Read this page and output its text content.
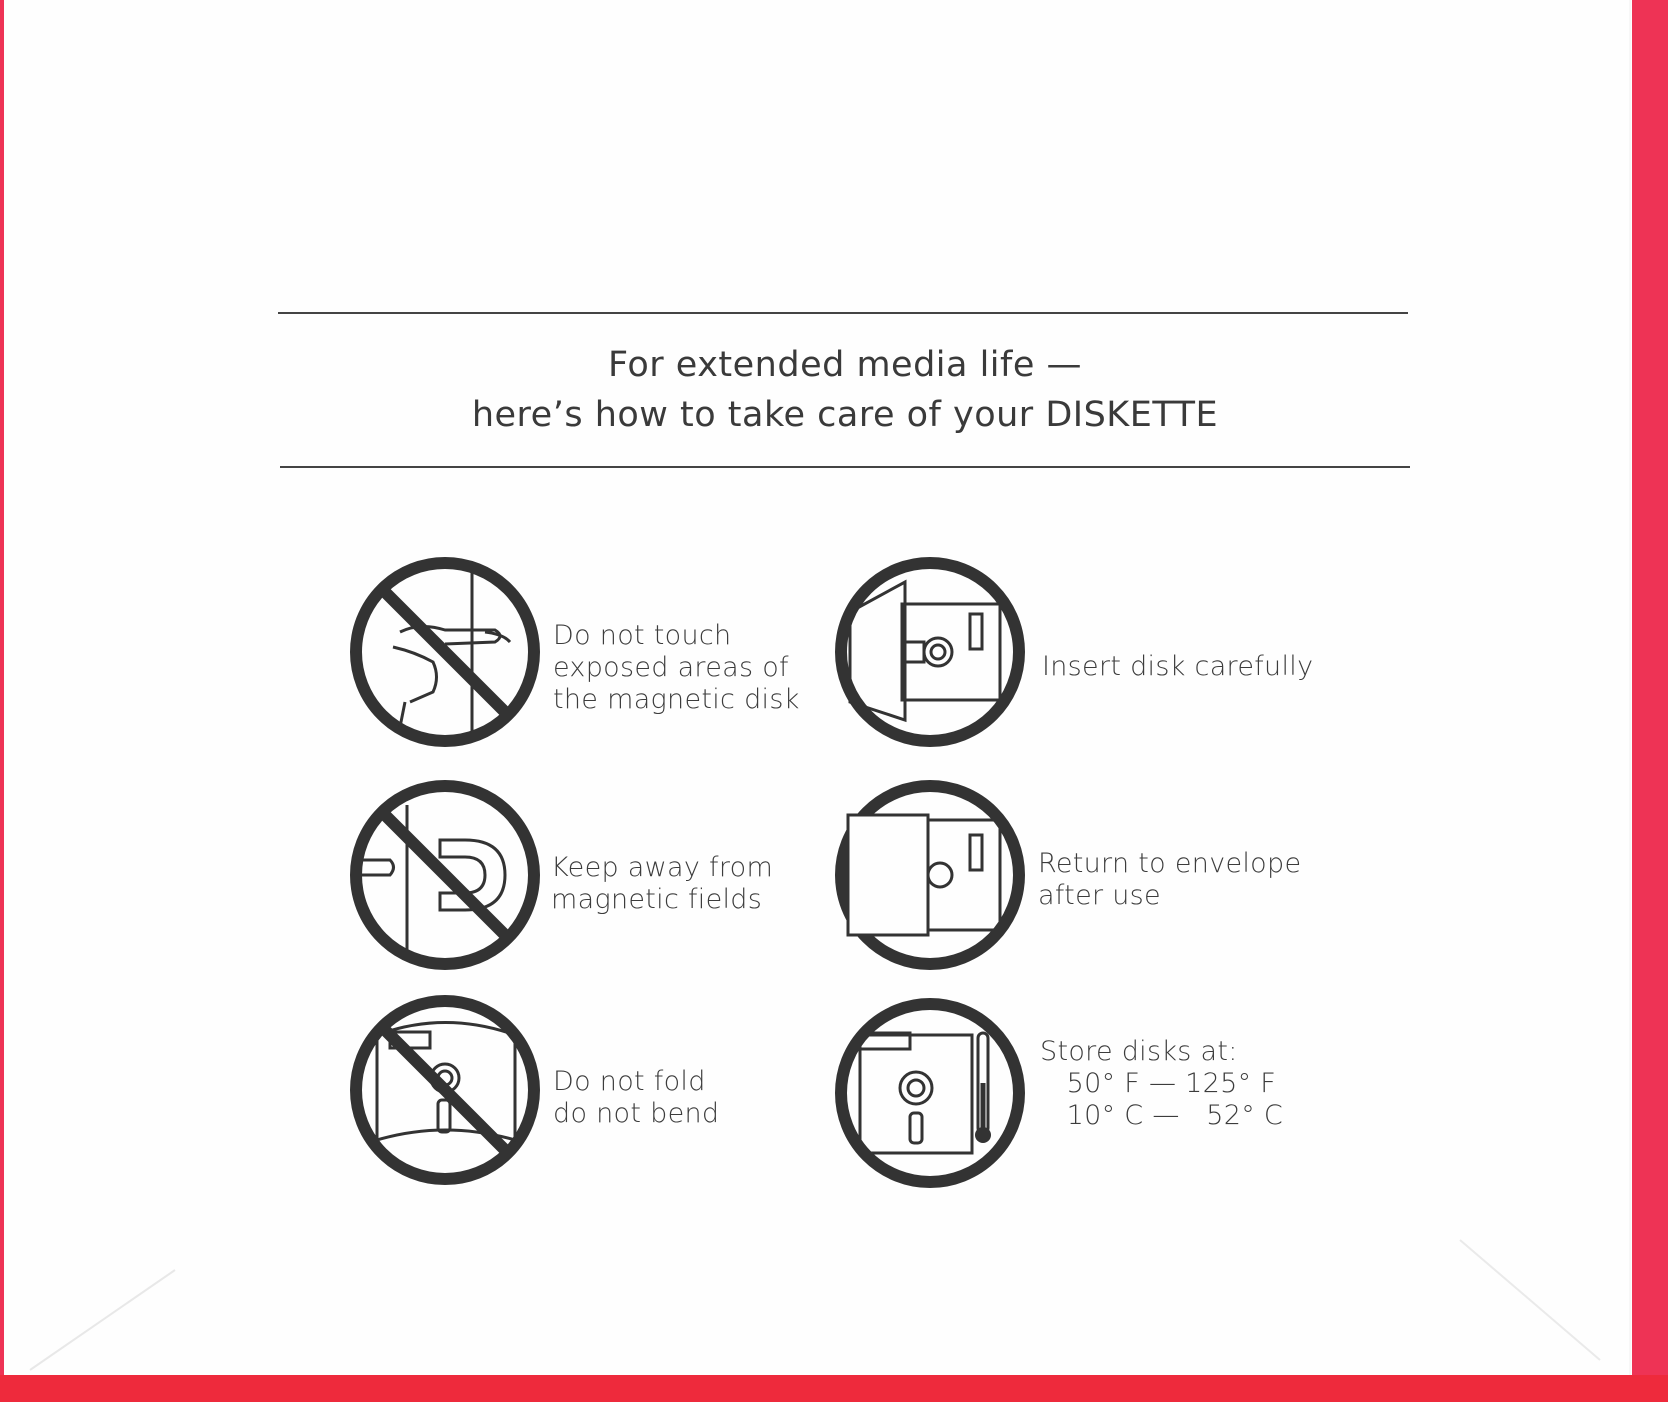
For extended media life —
here’s how to take care of your DISKETTE
Do not touch
exposed areas of
the magnetic disk
Insert disk carefully
Keep away from
magnetic fields
Return to envelope
after use
Do not fold
do not bend
Store disks at:
50° F — 125° F
10° C —   52° C
